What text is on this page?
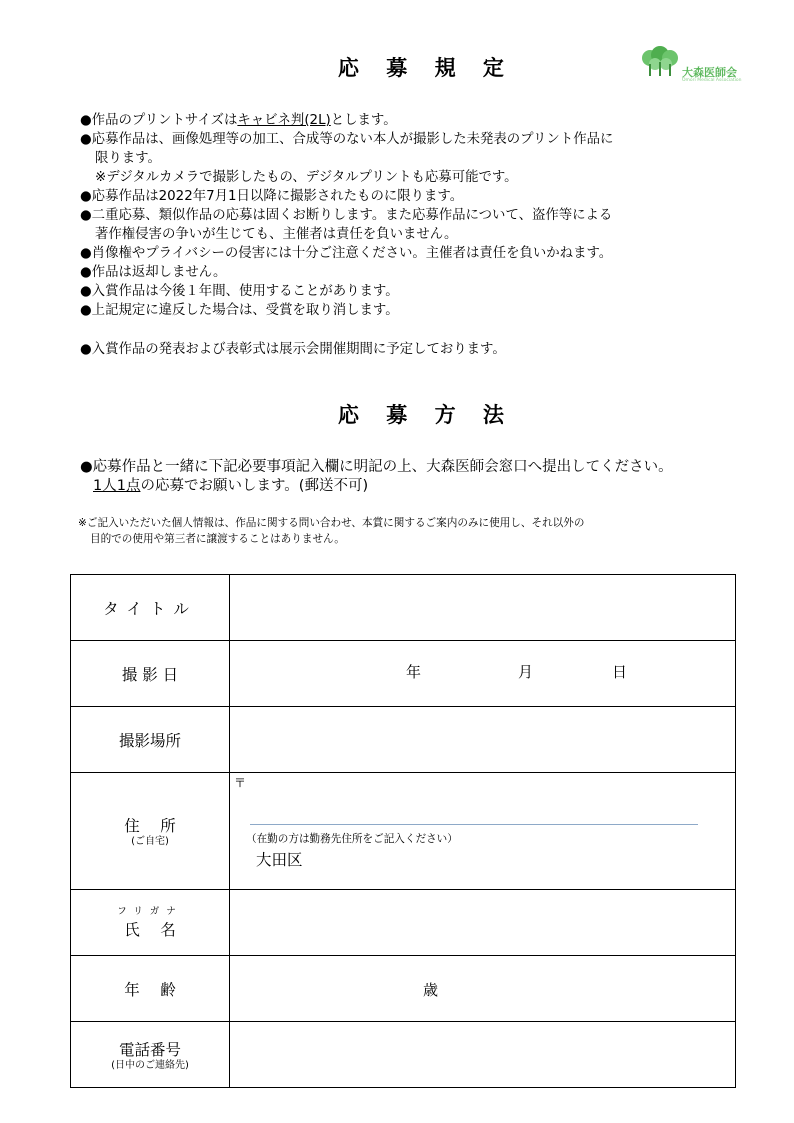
応 募 規 定	大森医師会
Omori Medical Association
●作品のプリントサイズはキャビネ判(2L)とします。
●応募作品は、画像処理等の加工、合成等のない本人が撮影した未発表のプリント作品に
限ります。
※デジタルカメラで撮影したもの、デジタルプリントも応募可能です。
●応募作品は2022年7月1日以降に撮影されたものに限ります。
●二重応募、類似作品の応募は固くお断りします。また応募作品について、盗作等による
著作権侵害の争いが生じても、主催者は責任を負いません。
●肖像権やプライバシーの侵害には十分ご注意ください。主催者は責任を負いかねます。
●作品は返却しません。
●入賞作品は今後１年間、使用することがあります。
●上記規定に違反した場合は、受賞を取り消します。
●入賞作品の発表および表彰式は展示会開催期間に予定しております。
応 募 方 法
●応募作品と一緒に下記必要事項記入欄に明記の上、大森医師会窓口へ提出してください。
1人1点の応募でお願いします。(郵送不可)
※ご記入いただいた個人情報は、作品に関する問い合わせ、本賞に関するご案内のみに使用し、それ以外の
目的での使用や第三者に譲渡することはありません。
タイトル	
撮 影 日	年 月 日

撮影場所	
住　 所
(ご自宅)	〒
（在勤の方は勤務先住所をご記入ください）
大田区

フリガナ
氏　 名	
年　 齢	歳

電話番号
(日中のご連絡先)	
